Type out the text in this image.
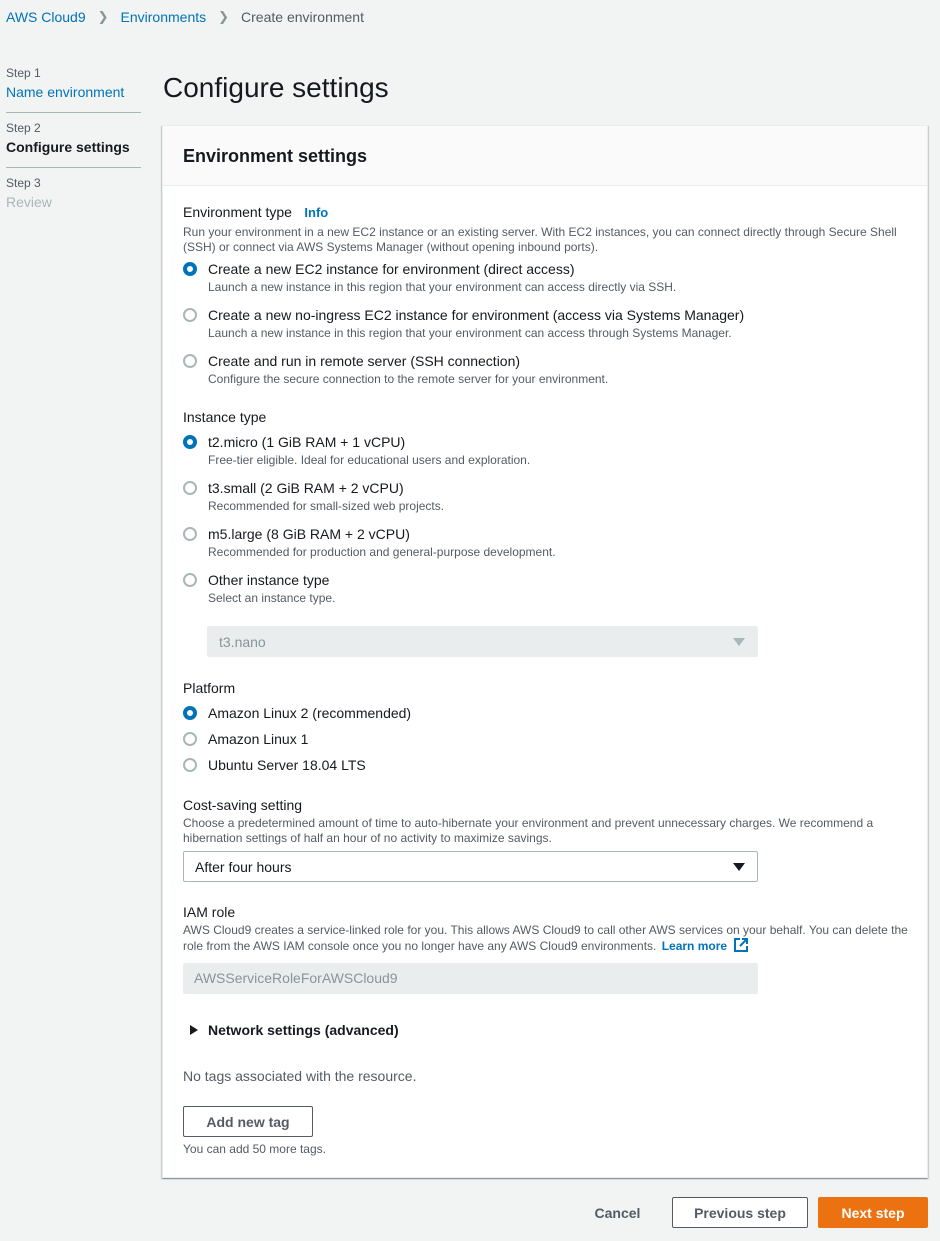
AWS Cloud9 ❯ Environments ❯ Create environment
Step 1
Name environment
Step 2
Configure settings
Step 3
Review
Configure settings
Environment settings
Environment type Info
Run your environment in a new EC2 instance or an existing server. With EC2 instances, you can connect directly through Secure Shell (SSH) or connect via AWS Systems Manager (without opening inbound ports).
Create a new EC2 instance for environment (direct access)
Launch a new instance in this region that your environment can access directly via SSH.
Create a new no-ingress EC2 instance for environment (access via Systems Manager)
Launch a new instance in this region that your environment can access through Systems Manager.
Create and run in remote server (SSH connection)
Configure the secure connection to the remote server for your environment.
Instance type
t2.micro (1 GiB RAM + 1 vCPU)
Free-tier eligible. Ideal for educational users and exploration.
t3.small (2 GiB RAM + 2 vCPU)
Recommended for small-sized web projects.
m5.large (8 GiB RAM + 2 vCPU)
Recommended for production and general-purpose development.
Other instance type
Select an instance type.
t3.nano
Platform
Amazon Linux 2 (recommended)
Amazon Linux 1
Ubuntu Server 18.04 LTS
Cost-saving setting
Choose a predetermined amount of time to auto-hibernate your environment and prevent unnecessary charges. We recommend a hibernation settings of half an hour of no activity to maximize savings.
After four hours
IAM role
AWS Cloud9 creates a service-linked role for you. This allows AWS Cloud9 to call other AWS services on your behalf. You can delete the role from the AWS IAM console once you no longer have any AWS Cloud9 environments. Learn more
AWSServiceRoleForAWSCloud9
Network settings (advanced)
No tags associated with the resource.
Add new tag
You can add 50 more tags.
Cancel	Previous step	Next step
